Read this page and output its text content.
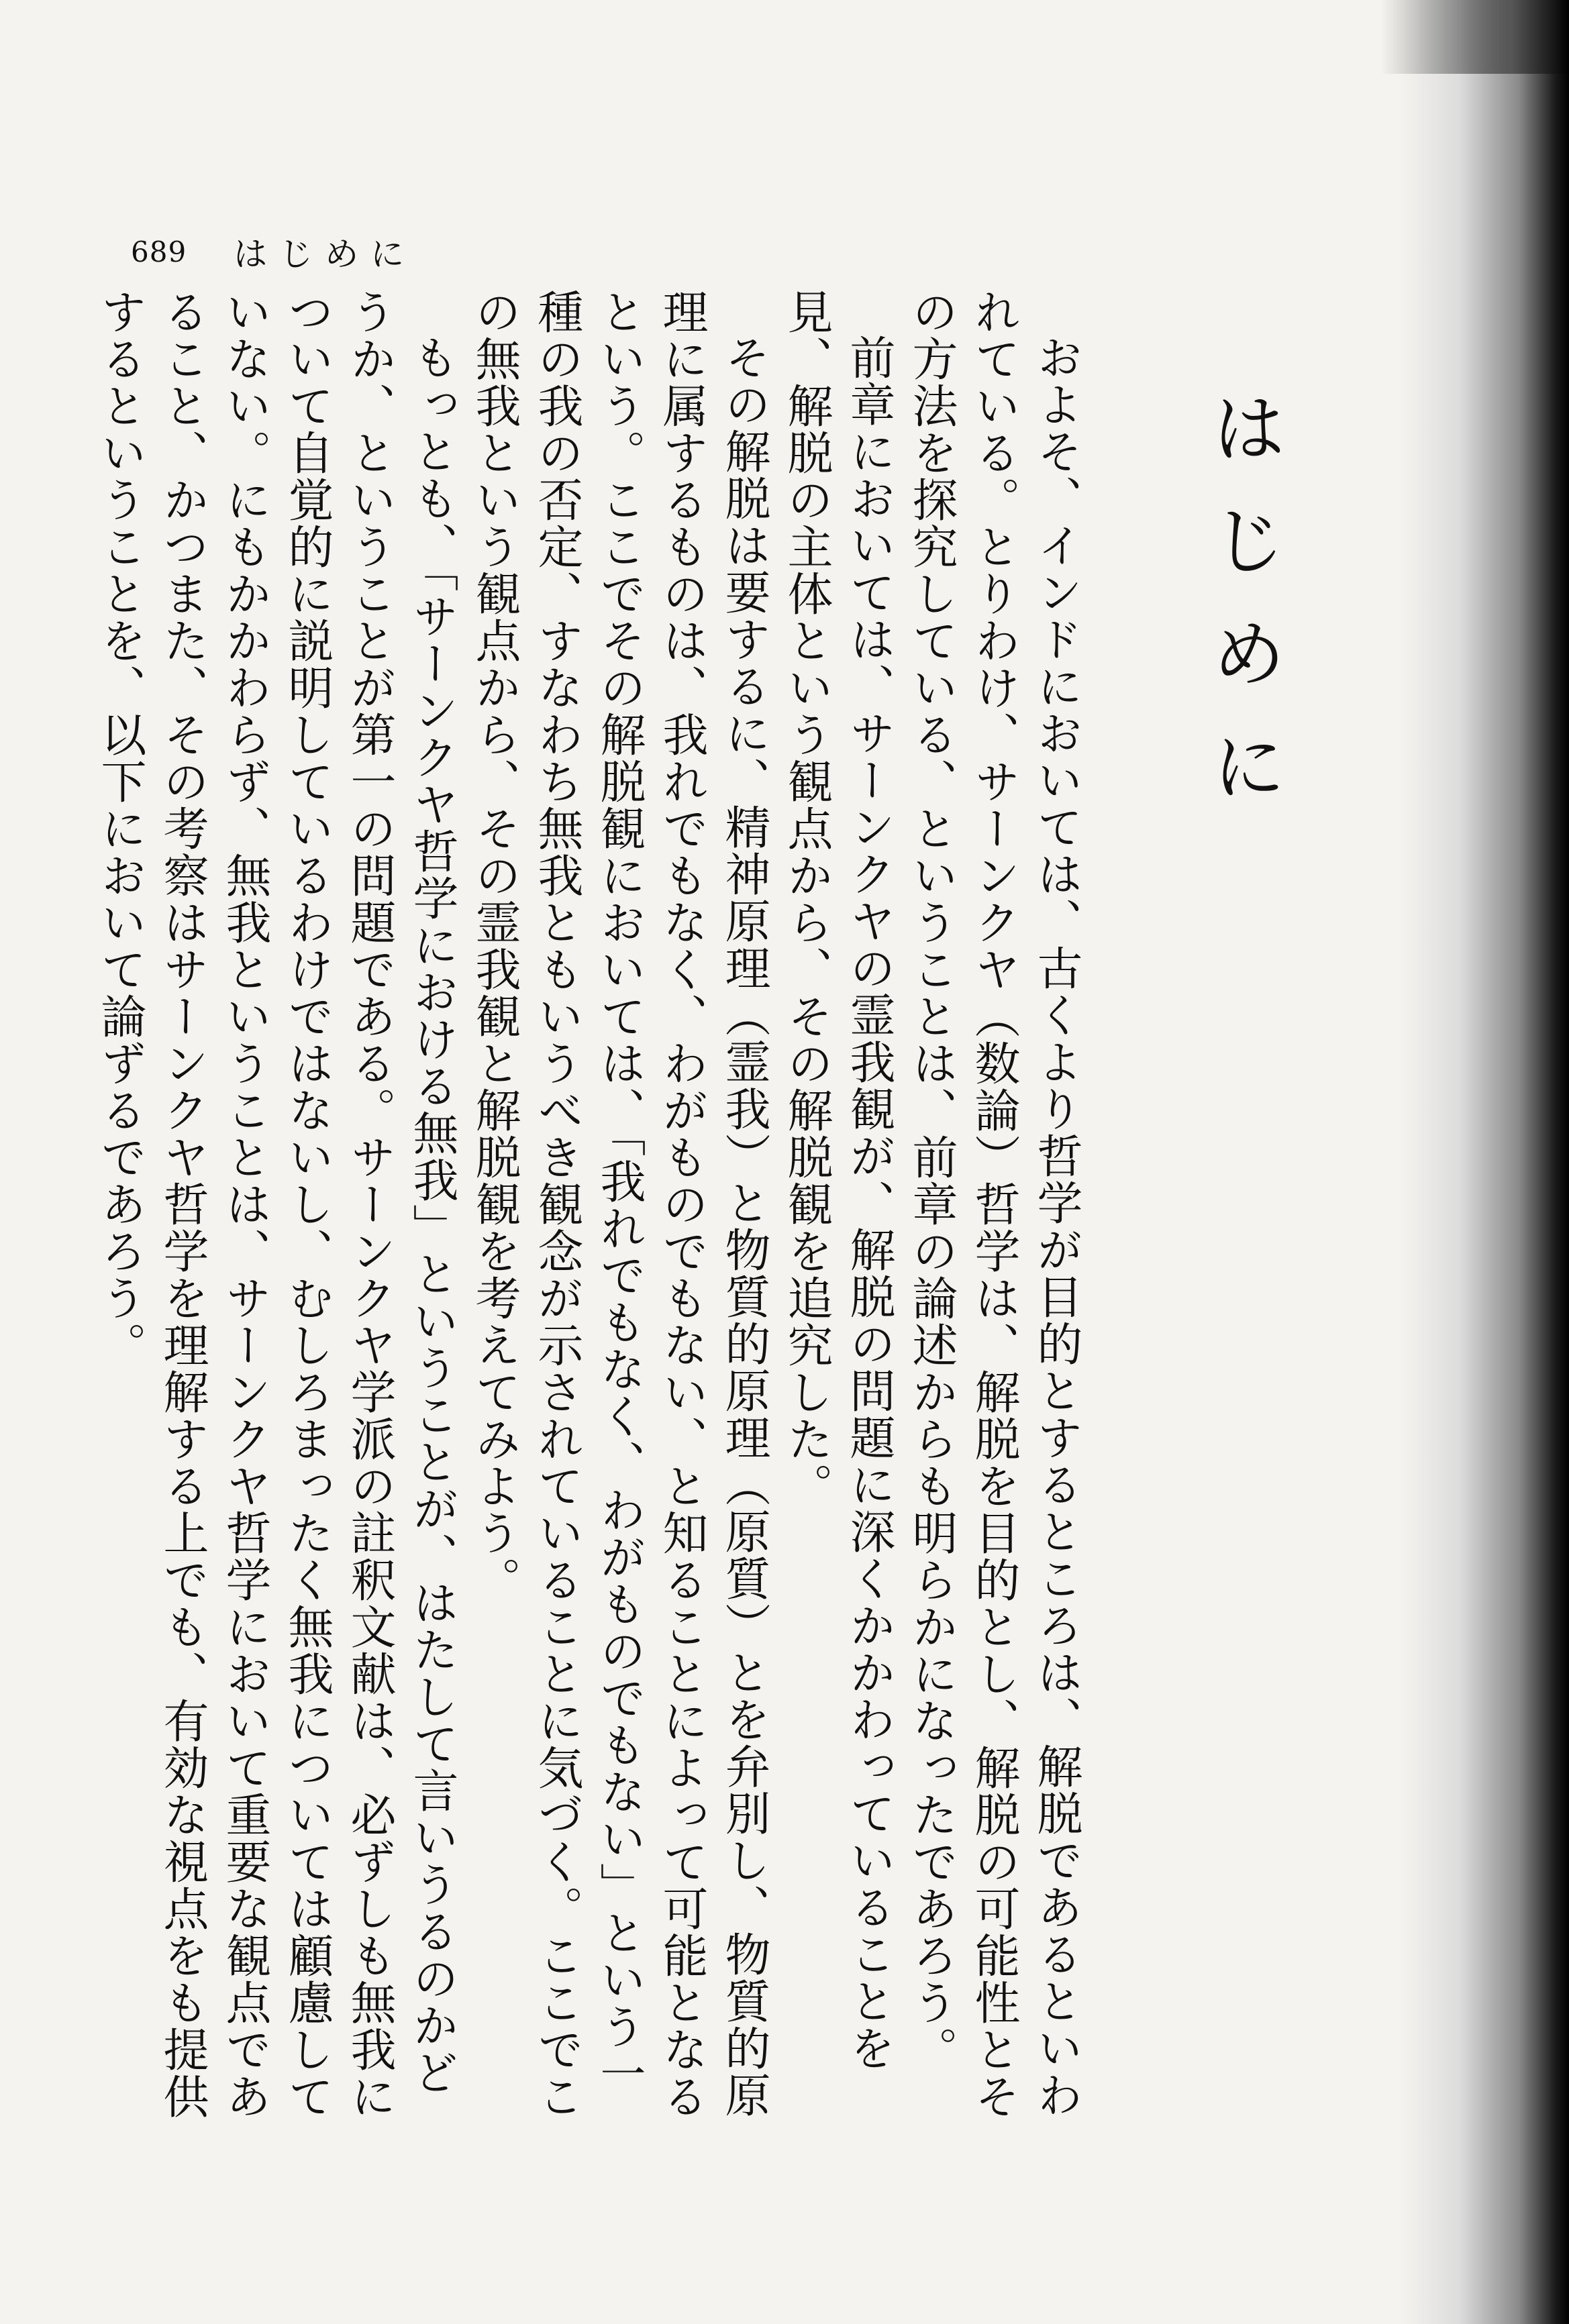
689 はじめに
はじめに

およそ、インドにおいては、古くより哲学が目的とするところは、解脱であるといわれている。とりわけ、サーンクヤ（数論）哲学は、解脱を目的とし、解脱の可能性とその方法を探究している、ということは、前章の論述からも明らかになったであろう。

前章においては、サーンクヤの霊我観が、解脱の問題に深くかかわっていることを見、解脱の主体という観点から、その解脱観を追究した。

その解脱は要するに、精神原理（霊我）と物質的原理（原質）とを弁別し、物質的原理に属するものは、我れでもなく、わがものでもない、と知ることによって可能となるという。ここでその解脱観においては、「我れでもなく、わがものでもない」という一種の我の否定、すなわち無我ともいうべき観念が示されていることに気づく。ここでこの無我という観点から、その霊我観と解脱観を考えてみよう。

もっとも、「サーンクヤ哲学における無我」ということが、はたして言いうるのかどうか、ということが第一の問題である。サーンクヤ学派の註釈文献は、必ずしも無我について自覚的に説明しているわけではないし、むしろまったく無我については顧慮していない。にもかかわらず、無我ということは、サーンクヤ哲学において重要な観点であること、かつまた、その考察はサーンクヤ哲学を理解する上でも、有効な視点をも提供するということを、以下において論ずるであろう。
